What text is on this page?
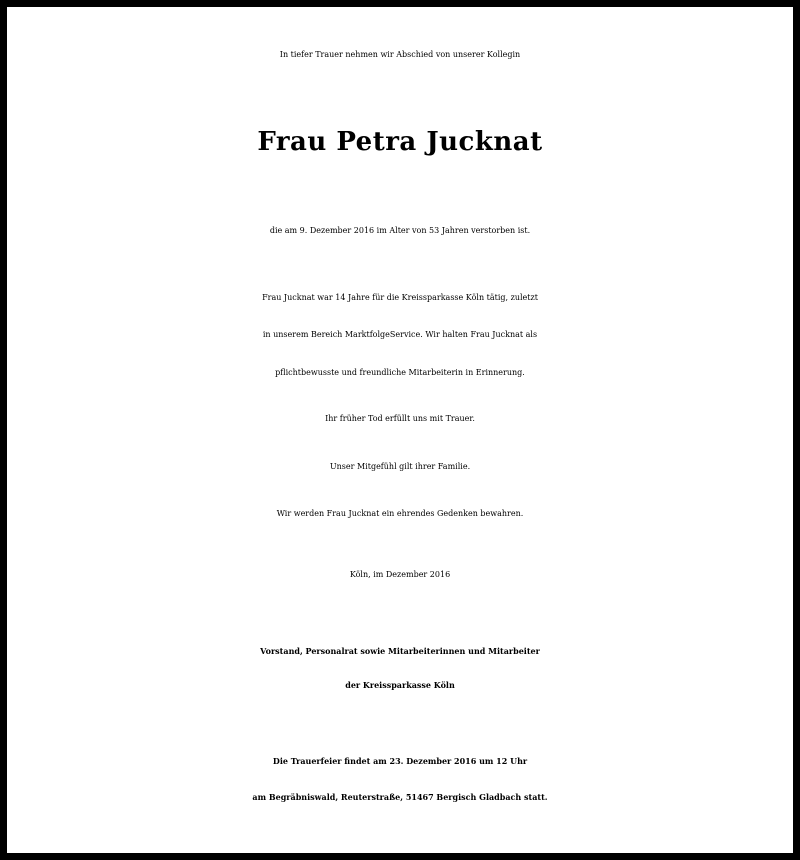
In tiefer Trauer nehmen wir Abschied von unserer Kollegin
Frau Petra Jucknat
die am 9. Dezember 2016 im Alter von 53 Jahren verstorben ist.
Frau Jucknat war 14 Jahre für die Kreissparkasse Köln tätig, zuletzt
in unserem Bereich MarktfolgeService. Wir halten Frau Jucknat als
pflichtbewusste und freundliche Mitarbeiterin in Erinnerung.
Ihr früher Tod erfüllt uns mit Trauer.
Unser Mitgefühl gilt ihrer Familie.
Wir werden Frau Jucknat ein ehrendes Gedenken bewahren.
Köln, im Dezember 2016
Vorstand, Personalrat sowie Mitarbeiterinnen und Mitarbeiter
der Kreissparkasse Köln
Die Trauerfeier findet am 23. Dezember 2016 um 12 Uhr
am Begräbniswald, Reuterstraße, 51467 Bergisch Gladbach statt.
